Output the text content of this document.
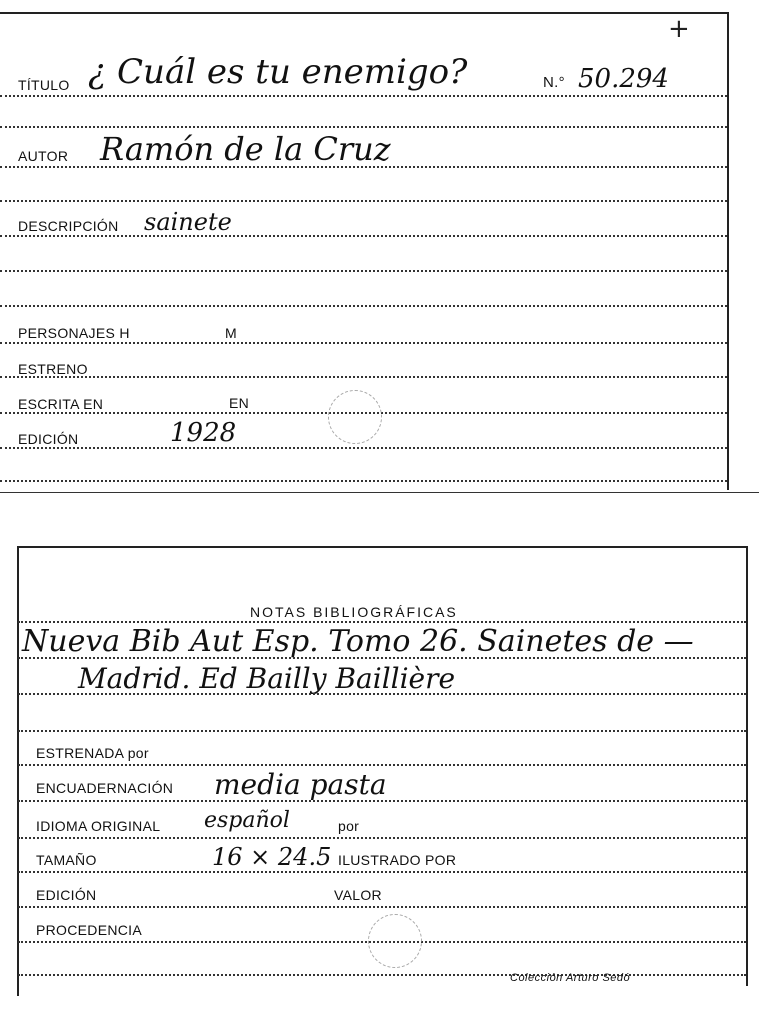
+
TÍTULO ¿ Cuál es tu enemigo?	N.° 50.294
AUTOR Ramón de la Cruz
DESCRIPCIÓN sainete
PERSONAJES H	M
ESTRENO
ESCRITA EN	EN
EDICIÓN	1928
NOTAS BIBLIOGRÁFICAS
Nueva Bib Aut Esp. Tomo 26. Sainetes de —
Madrid. Ed Bailly Baillière
ESTRENADA por
ENCUADERNACIÓN media pasta
IDIOMA ORIGINAL español	por
TAMAÑO	16 × 24.5 ILUSTRADO POR
EDICIÓN	VALOR
PROCEDENCIA
Colección Arturo Sedó
